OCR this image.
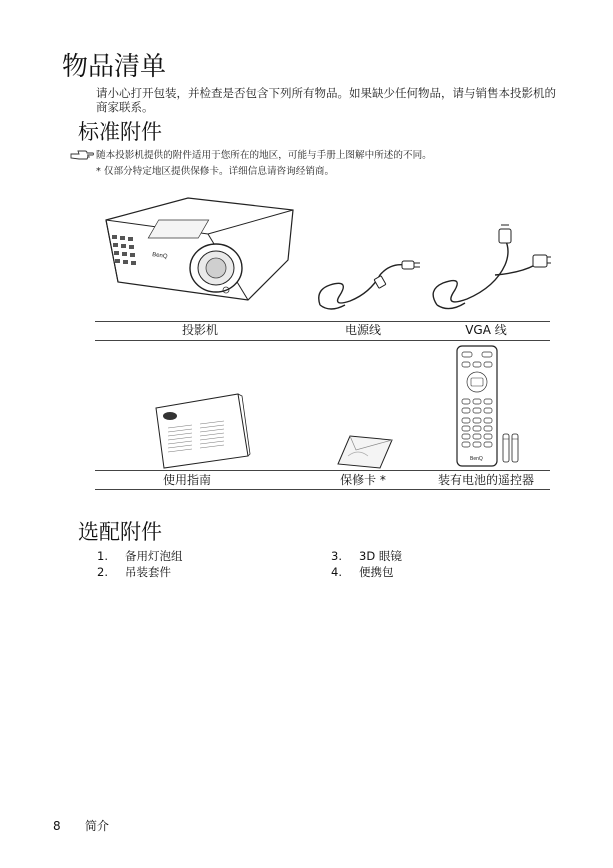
物品清单
请小心打开包装，并检查是否包含下列所有物品。如果缺少任何物品，请与销售本投影机的商家联系。
标准附件
随本投影机提供的附件适用于您所在的地区，可能与手册上图解中所述的不同。
* 仅部分特定地区提供保修卡。详细信息请咨询经销商。
BenQ
投影机	电源线	VGA 线
BenQ
使用指南	保修卡 *	装有电池的遥控器
选配附件
1. 备用灯泡组
2. 吊装套件
3. 3D 眼镜
4. 便携包
8 简介
